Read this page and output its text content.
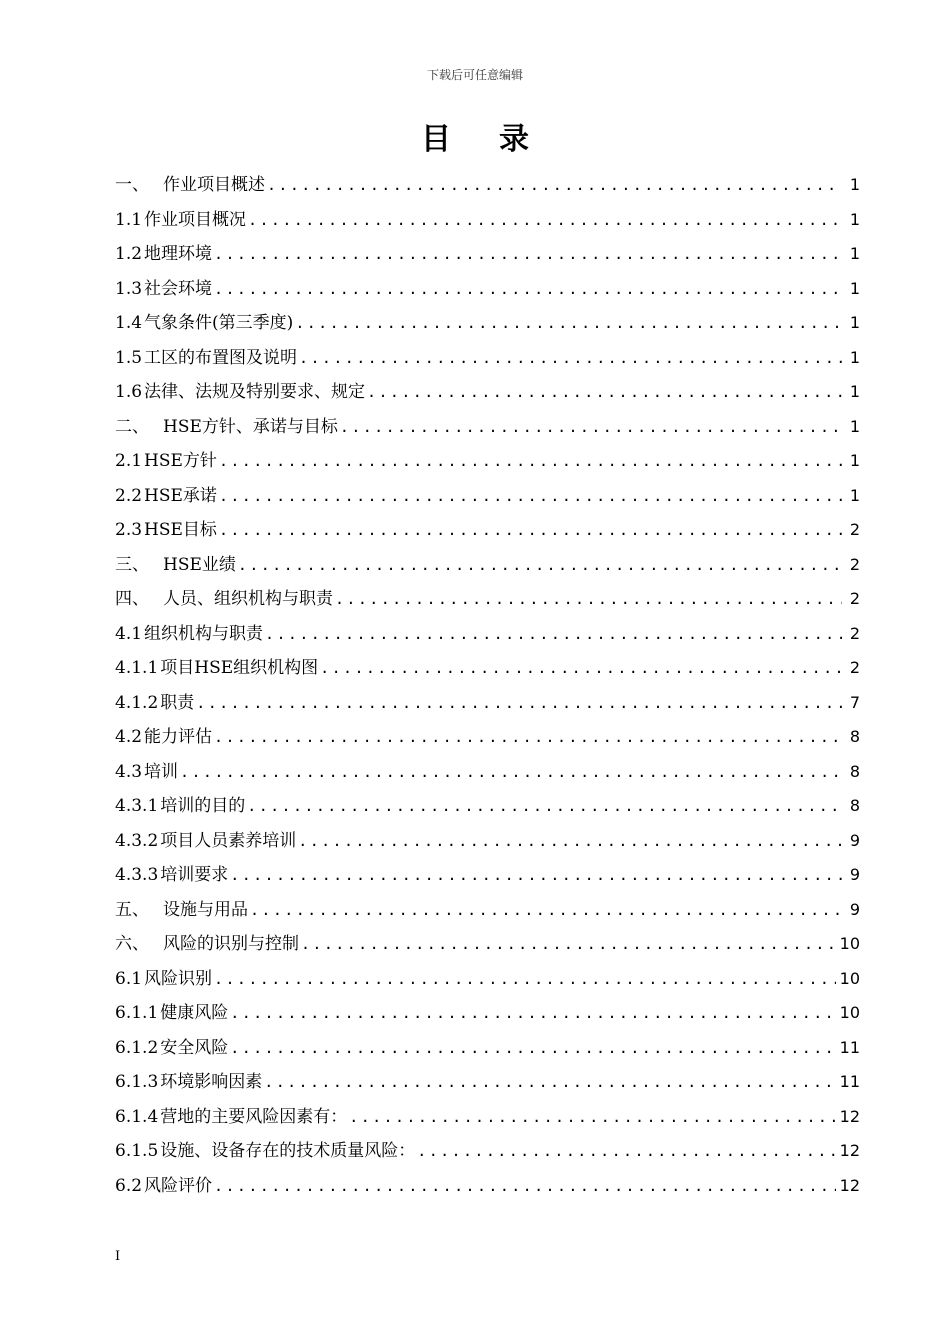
下载后可任意编辑
目录
一、 作业项目概述 .....	1
1.1 作业项目概况 .....	1
1.2 地理环境 .....	1
1.3 社会环境 .....	1
1.4 气象条件(第三季度) .....	1
1.5 工区的布置图及说明 .....	1
1.6 法律、法规及特别要求、规定 .....	1
二、 HSE方针、承诺与目标 .....	1
2.1 HSE方针 .....	1
2.2 HSE承诺 .....	1
2.3 HSE目标 .....	2
三、 HSE业绩 .....	2
四、 人员、组织机构与职责 .....	2
4.1 组织机构与职责 .....	2
4.1.1 项目HSE组织机构图 .....	2
4.1.2 职责 .....	7
4.2 能力评估 .....	8
4.3 培训 .....	8
4.3.1 培训的目的 .....	8
4.3.2 项目人员素养培训 .....	9
4.3.3 培训要求 .....	9
五、 设施与用品 .....	9
六、 风险的识别与控制 .....	10
6.1 风险识别 .....	10
6.1.1 健康风险 .....	10
6.1.2 安全风险 .....	11
6.1.3 环境影响因素 .....	11
6.1.4 营地的主要风险因素有： .....	12
6.1.5 设施、设备存在的技术质量风险： .....	12
6.2 风险评价 .....	12
I
